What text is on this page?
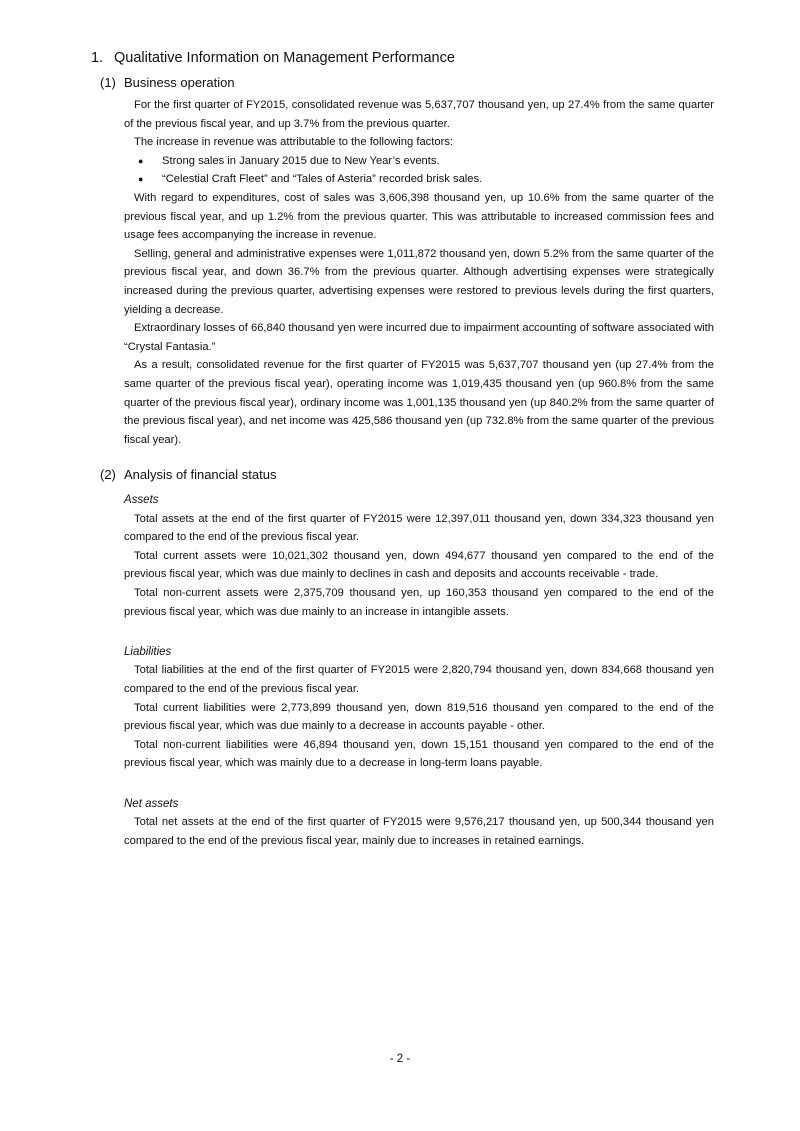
1. Qualitative Information on Management Performance
(1) Business operation

For the first quarter of FY2015, consolidated revenue was 5,637,707 thousand yen, up 27.4% from the same quarter of the previous fiscal year, and up 3.7% from the previous quarter.

The increase in revenue was attributable to the following factors:

● Strong sales in January 2015 due to New Year’s events.
● “Celestial Craft Fleet” and “Tales of Asteria” recorded brisk sales.

With regard to expenditures, cost of sales was 3,606,398 thousand yen, up 10.6% from the same quarter of the previous fiscal year, and up 1.2% from the previous quarter. This was attributable to increased commission fees and usage fees accompanying the increase in revenue.

Selling, general and administrative expenses were 1,011,872 thousand yen, down 5.2% from the same quarter of the previous fiscal year, and down 36.7% from the previous quarter. Although advertising expenses were strategically increased during the previous quarter, advertising expenses were restored to previous levels during the first quarters, yielding a decrease.

Extraordinary losses of 66,840 thousand yen were incurred due to impairment accounting of software associated with “Crystal Fantasia.”

As a result, consolidated revenue for the first quarter of FY2015 was 5,637,707 thousand yen (up 27.4% from the same quarter of the previous fiscal year), operating income was 1,019,435 thousand yen (up 960.8% from the same quarter of the previous fiscal year), ordinary income was 1,001,135 thousand yen (up 840.2% from the same quarter of the previous fiscal year), and net income was 425,586 thousand yen (up 732.8% from the same quarter of the previous fiscal year).

(2) Analysis of financial status
Assets

Total assets at the end of the first quarter of FY2015 were 12,397,011 thousand yen, down 334,323 thousand yen compared to the end of the previous fiscal year.

Total current assets were 10,021,302 thousand yen, down 494,677 thousand yen compared to the end of the previous fiscal year, which was due mainly to declines in cash and deposits and accounts receivable - trade.

Total non-current assets were 2,375,709 thousand yen, up 160,353 thousand yen compared to the end of the previous fiscal year, which was due mainly to an increase in intangible assets.

Liabilities

Total liabilities at the end of the first quarter of FY2015 were 2,820,794 thousand yen, down 834,668 thousand yen compared to the end of the previous fiscal year.

Total current liabilities were 2,773,899 thousand yen, down 819,516 thousand yen compared to the end of the previous fiscal year, which was due mainly to a decrease in accounts payable - other.

Total non-current liabilities were 46,894 thousand yen, down 15,151 thousand yen compared to the end of the previous fiscal year, which was mainly due to a decrease in long-term loans payable.

Net assets

Total net assets at the end of the first quarter of FY2015 were 9,576,217 thousand yen, up 500,344 thousand yen compared to the end of the previous fiscal year, mainly due to increases in retained earnings.

- 2 -
